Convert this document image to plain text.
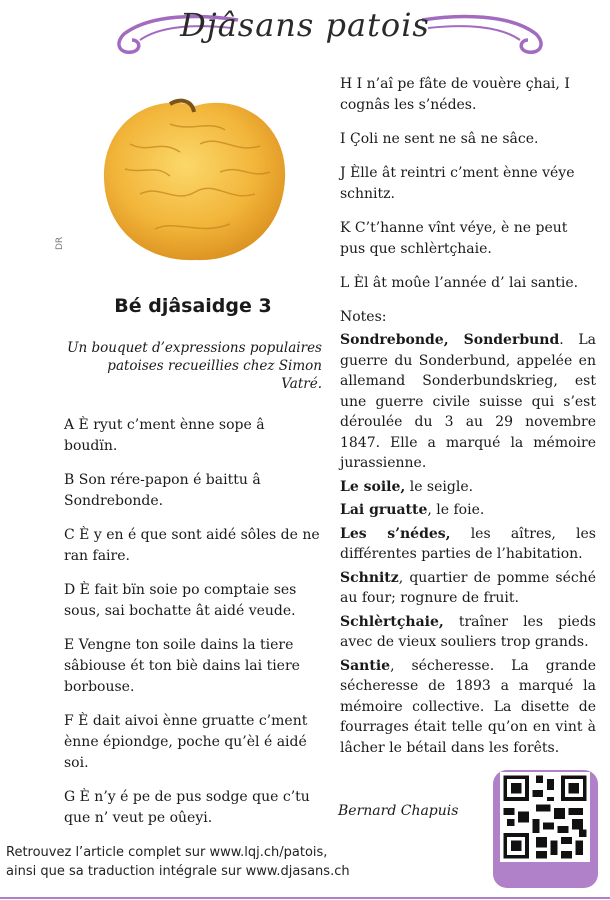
Djâsans patois
DR
Bé djâsaidge 3
Un bouquet d’expressions populaires patoises recueillies chez Simon Vatré.
A È ryut c’ment ènne sope â boudïn.
B Son rére-papon é baittu â Sondrebonde.
C È y en é que sont aidé sôles de ne ran faire.
D È fait bïn soie po comptaie ses sous, sai bochatte ât aidé veude.
E Vengne ton soile dains la tiere sâbiouse ét ton biè dains lai tiere borbouse.
F È dait aivoi ènne gruatte c’ment ènne épiondge, poche qu’èl é aidé soi.
G È n’y é pe de pus sodge que c’tu que n’ veut pe oûeyi.
H I n’aî pe fâte de vouère çhai, I cognâs les s’nédes.
I Çoli ne sent ne sâ ne sâce.
J Èlle ât reintri c’ment ènne véye schnitz.
K C’t’hanne vînt véye, è ne peut pus que schlèrtçhaie.
L Èl ât moûe l’année d’ lai santie.
Notes:
Sondrebonde, Sonderbund. La guerre du Sonderbund, appelée en allemand Sonderbundskrieg, est une guerre civile suisse qui s’est déroulée du 3 au 29 novembre 1847. Elle a marqué la mémoire jurassienne.
Le soile, le seigle.
Lai gruatte, le foie.
Les s’nédes, les aîtres, les différentes parties de l’habitation.
Schnitz, quartier de pomme séché au four; rognure de fruit.
Schlèrtçhaie, traîner les pieds avec de vieux souliers trop grands.
Santie, sécheresse. La grande sécheresse de 1893 a marqué la mémoire collective. La disette de fourrages était telle qu’on en vint à lâcher le bétail dans les forêts.
Bernard Chapuis
Retrouvez l’article complet sur www.lqj.ch/patois,
ainsi que sa traduction intégrale sur www.djasans.ch
